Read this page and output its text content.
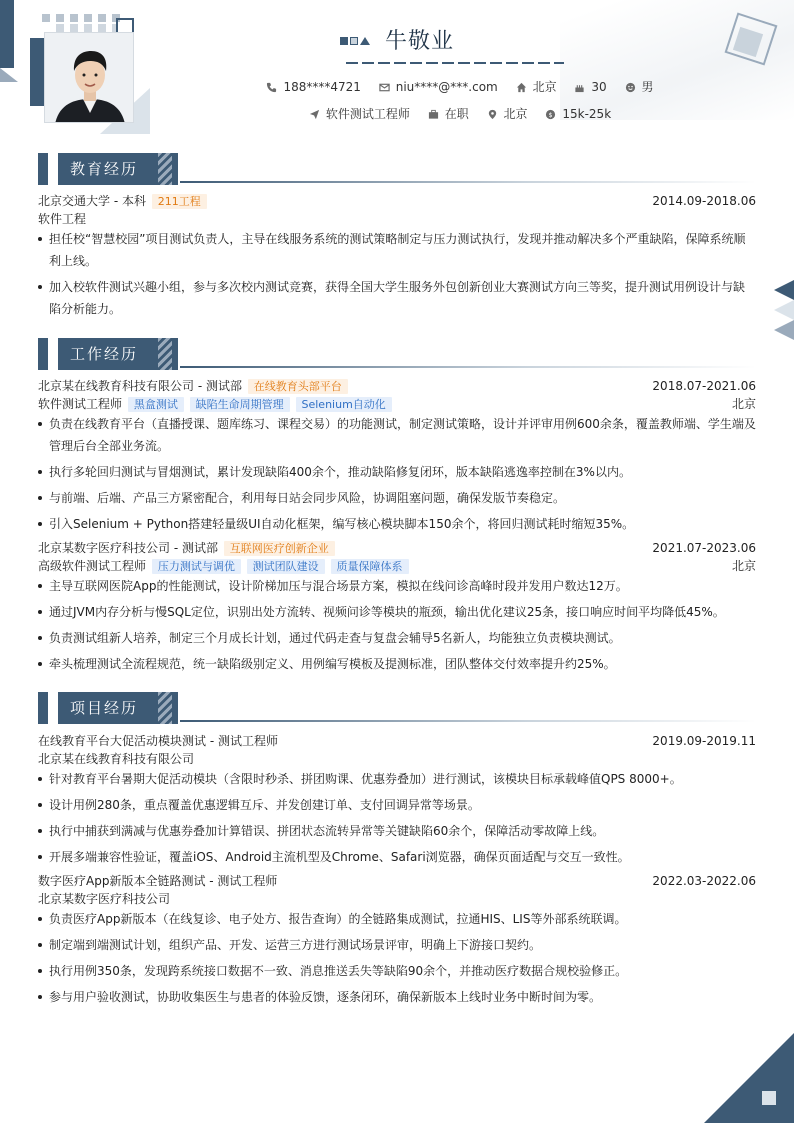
牛敬业
188****4721	niu****@***.com	北京	30	男
软件测试工程师	在职	北京	$ 15k-25k
教育经历
北京交通大学 - 本科 211工程	2014.09-2018.06
软件工程
担任校“智慧校园”项目测试负责人，主导在线服务系统的测试策略制定与压力测试执行，发现并推动解决多个严重缺陷，保障系统顺利上线。
加入校软件测试兴趣小组，参与多次校内测试竞赛，获得全国大学生服务外包创新创业大赛测试方向三等奖，提升测试用例设计与缺陷分析能力。
工作经历
北京某在线教育科技有限公司 - 测试部 在线教育头部平台	2018.07-2021.06
软件测试工程师 黑盒测试 缺陷生命周期管理 Selenium自动化	北京
负责在线教育平台（直播授课、题库练习、课程交易）的功能测试，制定测试策略，设计并评审用例600余条，覆盖教师端、学生端及管理后台全部业务流。
执行多轮回归测试与冒烟测试，累计发现缺陷400余个，推动缺陷修复闭环，版本缺陷逃逸率控制在3%以内。
与前端、后端、产品三方紧密配合，利用每日站会同步风险，协调阻塞问题，确保发版节奏稳定。
引入Selenium + Python搭建轻量级UI自动化框架，编写核心模块脚本150余个，将回归测试耗时缩短35%。
北京某数字医疗科技公司 - 测试部 互联网医疗创新企业	2021.07-2023.06
高级软件测试工程师 压力测试与调优 测试团队建设 质量保障体系	北京
主导互联网医院App的性能测试，设计阶梯加压与混合场景方案，模拟在线问诊高峰时段并发用户数达12万。
通过JVM内存分析与慢SQL定位，识别出处方流转、视频问诊等模块的瓶颈，输出优化建议25条，接口响应时间平均降低45%。
负责测试组新人培养，制定三个月成长计划，通过代码走查与复盘会辅导5名新人，均能独立负责模块测试。
牵头梳理测试全流程规范，统一缺陷级别定义、用例编写模板及提测标准，团队整体交付效率提升约25%。
项目经历
在线教育平台大促活动模块测试 - 测试工程师	2019.09-2019.11
北京某在线教育科技有限公司
针对教育平台暑期大促活动模块（含限时秒杀、拼团购课、优惠券叠加）进行测试，该模块目标承载峰值QPS 8000+。
设计用例280条，重点覆盖优惠逻辑互斥、并发创建订单、支付回调异常等场景。
执行中捕获到满减与优惠券叠加计算错误、拼团状态流转异常等关键缺陷60余个，保障活动零故障上线。
开展多端兼容性验证，覆盖iOS、Android主流机型及Chrome、Safari浏览器，确保页面适配与交互一致性。
数字医疗App新版本全链路测试 - 测试工程师	2022.03-2022.06
北京某数字医疗科技公司
负责医疗App新版本（在线复诊、电子处方、报告查询）的全链路集成测试，拉通HIS、LIS等外部系统联调。
制定端到端测试计划，组织产品、开发、运营三方进行测试场景评审，明确上下游接口契约。
执行用例350条，发现跨系统接口数据不一致、消息推送丢失等缺陷90余个，并推动医疗数据合规校验修正。
参与用户验收测试，协助收集医生与患者的体验反馈，逐条闭环，确保新版本上线时业务中断时间为零。
